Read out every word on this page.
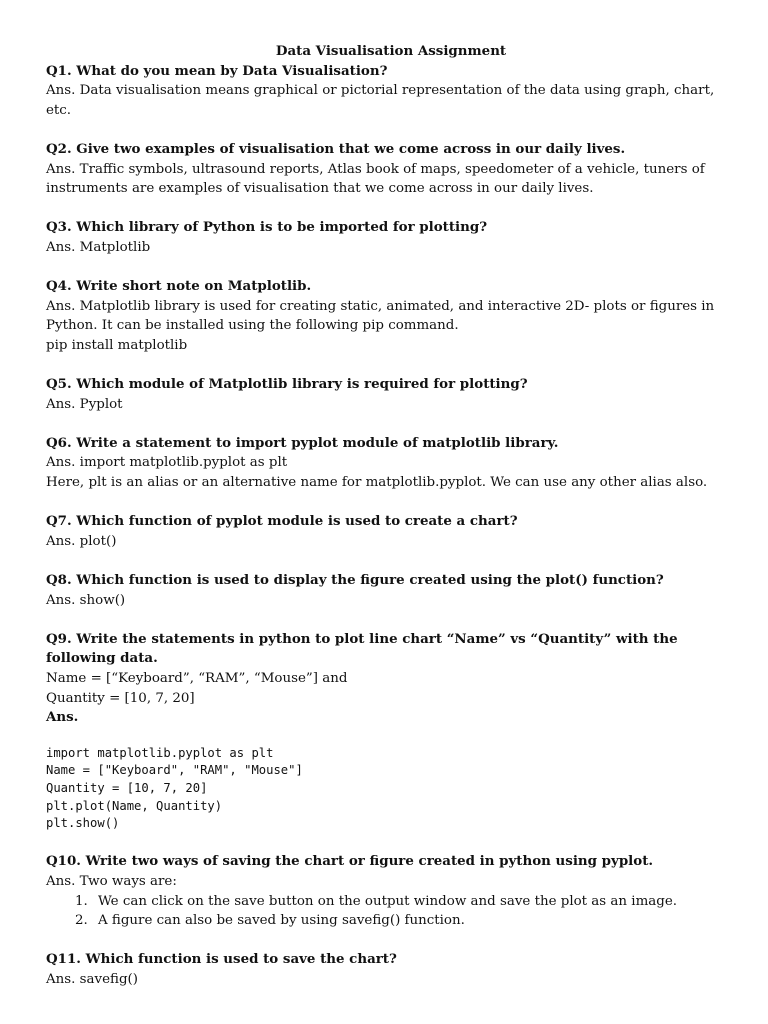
Data Visualisation Assignment

Q1. What do you mean by Data Visualisation?

Ans. Data visualisation means graphical or pictorial representation of the data using graph, chart, etc.

Q2. Give two examples of visualisation that we come across in our daily lives.

Ans. Traffic symbols, ultrasound reports, Atlas book of maps, speedometer of a vehicle, tuners of instruments are examples of visualisation that we come across in our daily lives.

Q3. Which library of Python is to be imported for plotting?

Ans. Matplotlib

Q4. Write short note on Matplotlib.

Ans. Matplotlib library is used for creating static, animated, and interactive 2D- plots or figures in Python. It can be installed using the following pip command.

pip install matplotlib

Q5. Which module of Matplotlib library is required for plotting?

Ans. Pyplot

Q6. Write a statement to import pyplot module of matplotlib library.

Ans. import matplotlib.pyplot as plt

Here, plt is an alias or an alternative name for matplotlib.pyplot. We can use any other alias also.

Q7. Which function of pyplot module is used to create a chart?

Ans. plot()

Q8. Which function is used to display the figure created using the plot() function?

Ans. show()

Q9. Write the statements in python to plot line chart “Name” vs “Quantity” with the following data.

Name = [“Keyboard”, “RAM”, “Mouse”] and

Quantity = [10, 7, 20]

Ans.

import matplotlib.pyplot as plt

Name = ["Keyboard", "RAM", "Mouse"]

Quantity = [10, 7, 20]

plt.plot(Name, Quantity)

plt.show()

Q10. Write two ways of saving the chart or figure created in python using pyplot.

Ans. Two ways are:

1. We can click on the save button on the output window and save the plot as an image.
2. A figure can also be saved by using savefig() function.

Q11. Which function is used to save the chart?

Ans. savefig()
